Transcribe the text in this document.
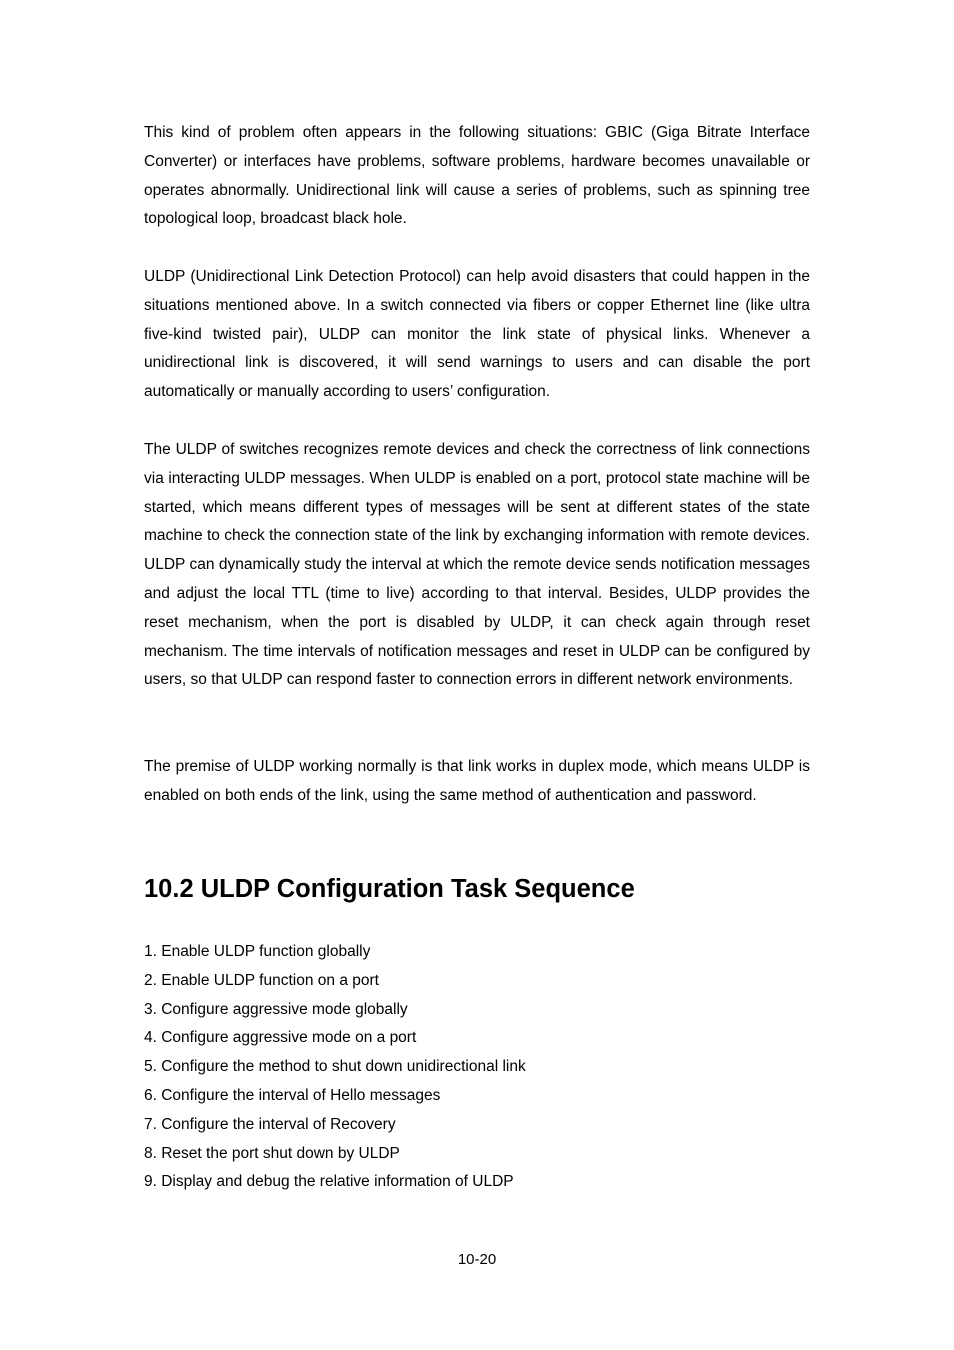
This kind of problem often appears in the following situations: GBIC (Giga Bitrate Interface Converter) or interfaces have problems, software problems, hardware becomes unavailable or operates abnormally. Unidirectional link will cause a series of problems, such as spinning tree topological loop, broadcast black hole.

ULDP (Unidirectional Link Detection Protocol) can help avoid disasters that could happen in the situations mentioned above. In a switch connected via fibers or copper Ethernet line (like ultra five-kind twisted pair), ULDP can monitor the link state of physical links. Whenever a unidirectional link is discovered, it will send warnings to users and can disable the port automatically or manually according to users’ configuration.

The ULDP of switches recognizes remote devices and check the correctness of link connections via interacting ULDP messages. When ULDP is enabled on a port, protocol state machine will be started, which means different types of messages will be sent at different states of the state machine to check the connection state of the link by exchanging information with remote devices. ULDP can dynamically study the interval at which the remote device sends notification messages and adjust the local TTL (time to live) according to that interval. Besides, ULDP provides the reset mechanism, when the port is disabled by ULDP, it can check again through reset mechanism. The time intervals of notification messages and reset in ULDP can be configured by users, so that ULDP can respond faster to connection errors in different network environments.

The premise of ULDP working normally is that link works in duplex mode, which means ULDP is enabled on both ends of the link, using the same method of authentication and password.

10.2 ULDP Configuration Task Sequence
1. Enable ULDP function globally
2. Enable ULDP function on a port
3. Configure aggressive mode globally
4. Configure aggressive mode on a port
5. Configure the method to shut down unidirectional link
6. Configure the interval of Hello messages
7. Configure the interval of Recovery
8. Reset the port shut down by ULDP
9. Display and debug the relative information of ULDP
10-20
